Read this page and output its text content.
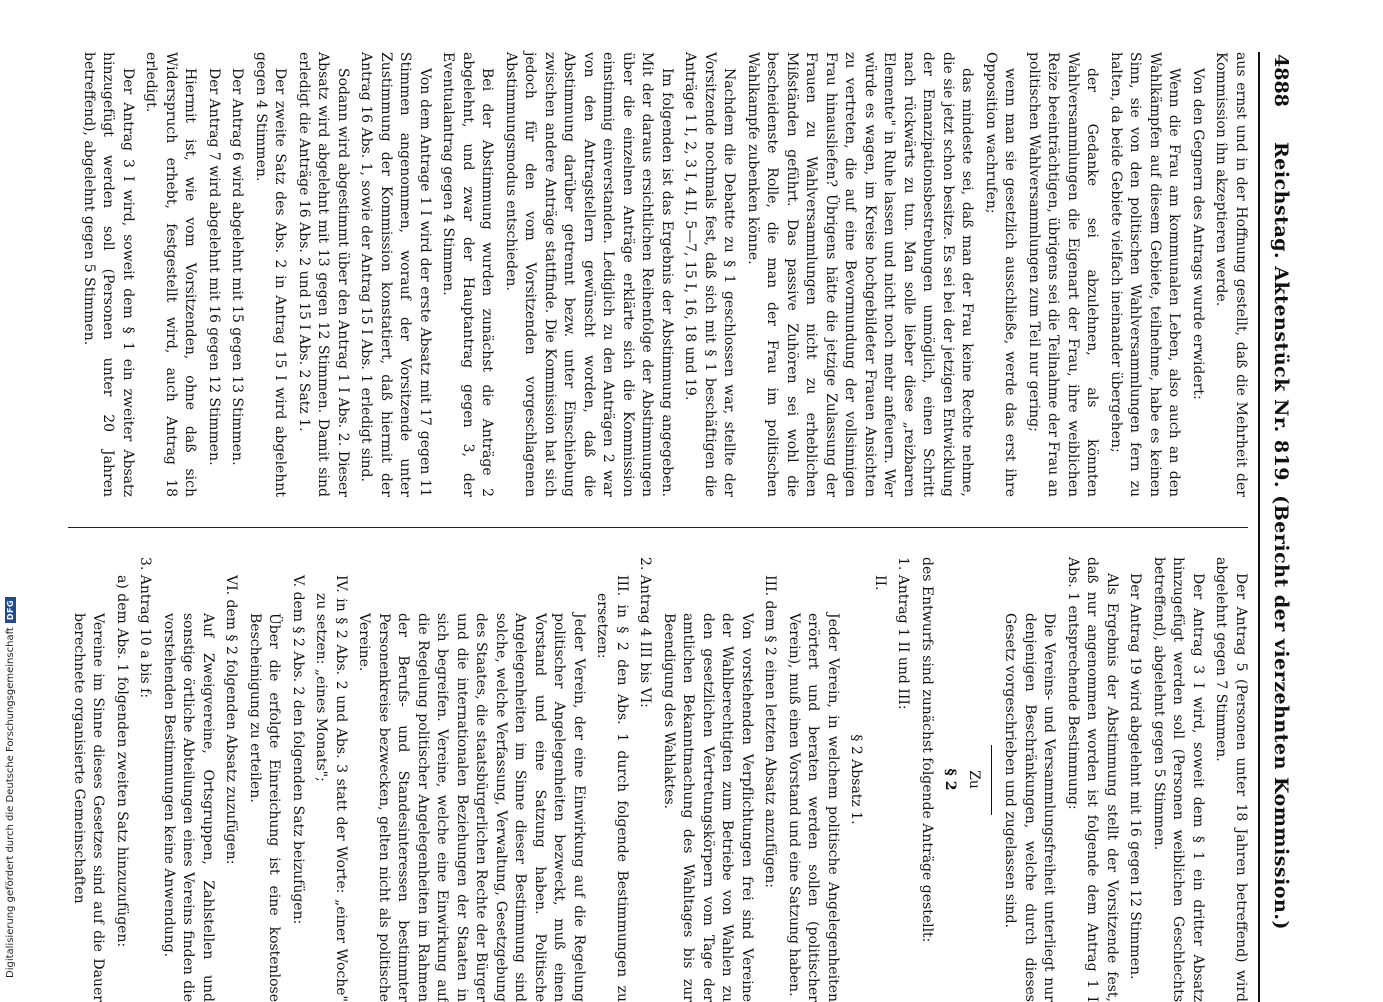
4888
Reichstag. Aktenstück Nr. 819. (Bericht der vierzehnten Kommission.)

aus ernst und in der Hoffnung gestellt, daß die Mehrheit der Kommission ihn akzeptieren werde.

Von den Gegnern des Antrags wurde erwidert:

Wenn die Frau am kommunalen Leben, also auch an den Wahlkämpfen auf diesem Gebiete, teilnehme, habe es keinen Sinn, sie von den politischen Wahlversammlungen fern zu halten, da beide Gebiete vielfach ineinander übergehen;

der Gedanke sei abzulehnen, als könnten Wahlversammlungen die Eigenart der Frau, ihre weiblichen Reize beeinträchtigen, übrigens sei die Teilnahme der Frau an politischen Wahlversammlungen zum Teil nur gering;

wenn man sie gesetzlich ausschließe, werde das erst ihre Opposition wachrufen;

das mindeste sei, daß man der Frau keine Rechte nehme, die sie jetzt schon besitze. Es sei bei der jetzigen Entwicklung der Emanzipationsbestrebungen unmöglich, einen Schritt nach rückwärts zu tun. Man solle lieber diese „reizbaren Elemente" in Ruhe lassen und nicht noch mehr anfeuern. Wer würde es wagen, im Kreise hochgebildeter Frauen Ansichten zu vertreten, die auf eine Bevormundung der vollsinnigen Frau hinausliefen? Übrigens hätte die jetzige Zulassung der Frauen zu Wahlversammlungen nicht zu erheblichen Mißständen geführt. Das passive Zuhören sei wohl die bescheidenste Rolle, die man der Frau im politischen Wahlkampfe zubenken könne.

Nachdem die Debatte zu § 1 geschlossen war, stellte der Vorsitzende nochmals fest, daß sich mit § 1 beschäftigen die Anträge 1 I, 2, 3 I, 4 II, 5—7, 15 I, 16, 18 und 19.

Im folgenden ist das Ergebnis der Abstimmung angegeben. Mit der daraus ersichtlichen Reihenfolge der Abstimmungen über die einzelnen Anträge erklärte sich die Kommission einstimmig einverstanden. Lediglich zu den Anträgen 2 war von den Antragstellern gewünscht worden, daß die Abstimmung darüber getrennt bezw. unter Einschiebung zwischen andere Anträge stattfinde. Die Kommission hat sich jedoch für den vom Vorsitzenden vorgeschlagenen Abstimmungsmodus entschieden.

Bei der Abstimmung wurden zunächst die Anträge 2 abgelehnt, und zwar der Hauptantrag gegen 3, der Eventualantrag gegen 4 Stimmen.

Von dem Antrage 1 I wird der erste Absatz mit 17 gegen 11 Stimmen angenommen, worauf der Vorsitzende unter Zustimmung der Kommission konstatiert, daß hiermit der Antrag 16 Abs. 1, sowie der Antrag 15 I Abs. 1 erledigt sind.

Sodann wird abgestimmt über den Antrag 1 I Abs. 2. Dieser Absatz wird abgelehnt mit 13 gegen 12 Stimmen. Damit sind erledigt die Anträge 16 Abs. 2 und 15 I Abs. 2 Satz 1.

Der zweite Satz des Abs. 2 in Antrag 15 I wird abgelehnt gegen 4 Stimmen.

Der Antrag 6 wird abgelehnt mit 15 gegen 13 Stimmen.

Der Antrag 7 wird abgelehnt mit 16 gegen 12 Stimmen.

Hiermit ist, wie vom Vorsitzenden, ohne daß sich Widerspruch erhebt, festgestellt wird, auch Antrag 18 erledigt.

Der Antrag 3 I wird, soweit dem § 1 ein zweiter Absatz hinzugefügt werden soll (Personen unter 20 Jahren betreffend), abgelehnt gegen 5 Stimmen.

Der Antrag 5 (Personen unter 18 Jahren betreffend) wird abgelehnt gegen 7 Stimmen.

Der Antrag 3 I wird, soweit dem § 1 ein dritter Absatz hinzugefügt werden soll (Personen weiblichen Geschlechts betreffend), abgelehnt gegen 5 Stimmen.

Der Antrag 19 wird abgelehnt mit 16 gegen 12 Stimmen.

Als Ergebnis der Abstimmung stellt der Vorsitzende fest, daß nur angenommen worden ist folgende dem Antrag 1 I Abs. 1 entsprechende Bestimmung:

Die Vereins- und Versammlungsfreiheit unterliegt nur denjenigen Beschränkungen, welche durch dieses Gesetz vorgeschrieben und zugelassen sind.

Zu

§ 2

des Entwurfs sind zunächst folgende Anträge gestellt:

1. Antrag 1 II und III:

II.

§ 2 Absatz 1.

Jeder Verein, in welchem politische Angelegenheiten erörtert und beraten werden sollen (politischer Verein), muß einen Vorstand und eine Satzung haben.

III. dem § 2 einen letzten Absatz anzufügen:

Von vorstehenden Verpflichtungen frei sind Vereine der Wahlberechtigten zum Betriebe von Wahlen zu den gesetzlichen Vertretungskörpern vom Tage der amtlichen Bekanntmachung des Wahltages bis zur Beendigung des Wahlaktes.

2. Antrag 4 III bis VI:

III. in § 2 den Abs. 1 durch folgende Bestimmungen zu ersetzen:

Jeder Verein, der eine Einwirkung auf die Regelung politischer Angelegenheiten bezweckt, muß einen Vorstand und eine Satzung haben. Politische Angelegenheiten im Sinne dieser Bestimmung sind solche, welche Verfassung, Verwaltung, Gesetzgebung des Staates, die staatsbürgerlichen Rechte der Bürger und die internationalen Beziehungen der Staaten in sich begreifen. Vereine, welche eine Einwirkung auf die Regelung politischer Angelegenheiten im Rahmen der Berufs- und Standesinteressen bestimmter Personenkreise bezwecken, gelten nicht als politische Vereine.

IV. in § 2 Abs. 2 und Abs. 3 statt der Worte: „einer Woche" zu setzen: „eines Monats";

V. dem § 2 Abs. 2 den folgenden Satz beizufügen:

Über die erfolgte Einreichung ist eine kostenlose Bescheinigung zu erteilen.

VI. dem § 2 folgenden Absatz zuzufügen:

Auf Zweigvereine, Ortsgruppen, Zahlstellen und sonstige örtliche Abteilungen eines Vereins finden die vorstehenden Bestimmungen keine Anwendung.

3. Antrag 10 a bis f:

a) dem Abs. 1 folgenden zweiten Satz hinzuzufügen:

Vereine im Sinne dieses Gesetzes sind auf die Dauer berechnete organisierte Gemeinschaften

Digitalisierung gefördert durch die Deutsche Forschungsgemeinschaft
DFG
